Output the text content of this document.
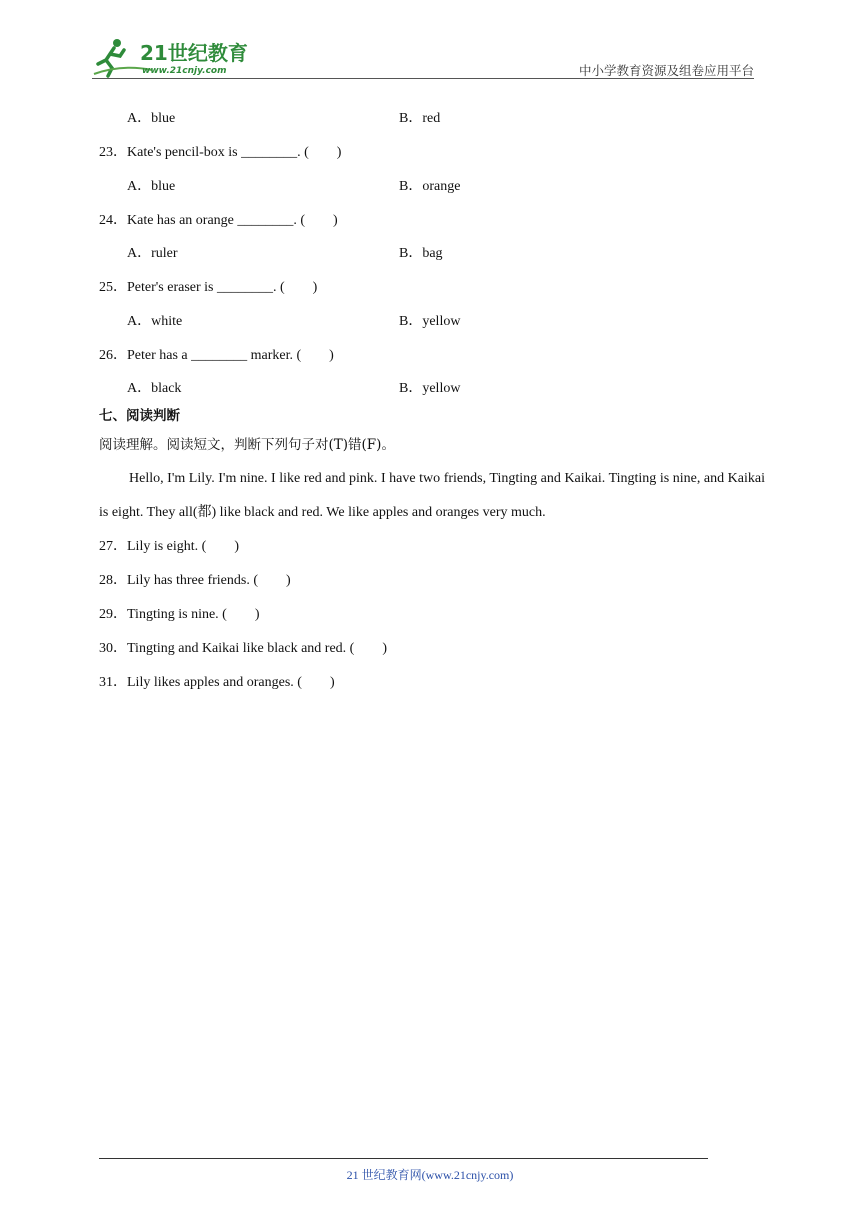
21世纪教育
www.21cnjy.com	中小学教育资源及组卷应用平台
A．blue	B．red
23．Kate's pencil-box is ________. (　　)
A．blue	B．orange
24．Kate has an orange ________. (　　)
A．ruler	B．bag
25．Peter's eraser is ________. (　　)
A．white	B．yellow
26．Peter has a ________ marker. (　　)
A．black	B．yellow
七、阅读判断
阅读理解。阅读短文，判断下列句子对(T)错(F)。
Hello, I'm Lily. I'm nine. I like red and pink. I have two friends, Tingting and Kaikai. Tingting is nine, and Kaikai is eight. They all(都) like black and red. We like apples and oranges very much.
27．Lily is eight. (　　)
28．Lily has three friends. (　　)
29．Tingting is nine. (　　)
30．Tingting and Kaikai like black and red. (　　)
31．Lily likes apples and oranges. (　　)
21 世纪教育网(www.21cnjy.com)
